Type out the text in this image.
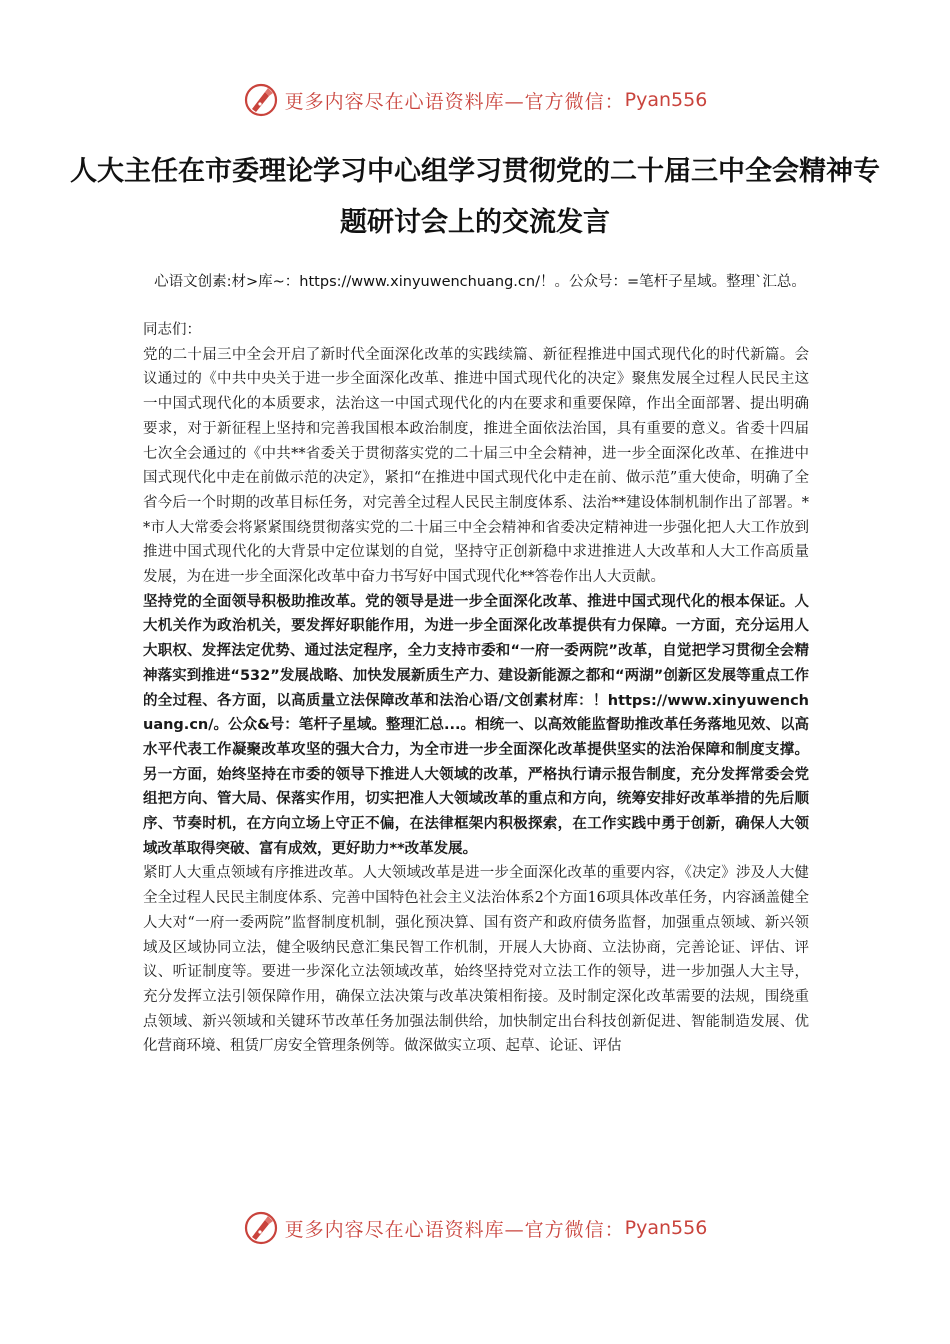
更多内容尽在心语资料库—官方微信： Pyan556
人大主任在市委理论学习中心组学习贯彻党的二十届三中全会精神专题研讨会上的交流发言
心语文创素:材>库~：https://www.xinyuwenchuang.cn/！。公众号：=笔杆子星域。整理`汇总。

同志们：

党的二十届三中全会开启了新时代全面深化改革的实践续篇、新征程推进中国式现代化的时代新篇。会议通过的《中共中央关于进一步全面深化改革、推进中国式现代化的决定》聚焦发展全过程人民民主这一中国式现代化的本质要求，法治这一中国式现代化的内在要求和重要保障，作出全面部署、提出明确要求，对于新征程上坚持和完善我国根本政治制度，推进全面依法治国，具有重要的意义。省委十四届七次全会通过的《中共**省委关于贯彻落实党的二十届三中全会精神，进一步全面深化改革、在推进中国式现代化中走在前做示范的决定》，紧扣“在推进中国式现代化中走在前、做示范”重大使命，明确了全省今后一个时期的改革目标任务，对完善全过程人民民主制度体系、法治**建设体制机制作出了部署。**市人大常委会将紧紧围绕贯彻落实党的二十届三中全会精神和省委决定精神进一步强化把人大工作放到推进中国式现代化的大背景中定位谋划的自觉，坚持守正创新稳中求进推进人大改革和人大工作高质量发展，为在进一步全面深化改革中奋力书写好中国式现代化**答卷作出人大贡献。

坚持党的全面领导积极助推改革。党的领导是进一步全面深化改革、推进中国式现代化的根本保证。人大机关作为政治机关，要发挥好职能作用，为进一步全面深化改革提供有力保障。一方面，充分运用人大职权、发挥法定优势、通过法定程序，全力支持市委和“一府一委两院”改革，自觉把学习贯彻全会精神落实到推进“532”发展战略、加快发展新质生产力、建设新能源之都和“两湖”创新区发展等重点工作的全过程、各方面，以高质量立法保障改革和法治心语/文创素材库：！https://www.xinyuwenchuang.cn/。公众&号：笔杆子星域。整理汇总...。相统一、以高效能监督助推改革任务落地见效、以高水平代表工作凝聚改革攻坚的强大合力，为全市进一步全面深化改革提供坚实的法治保障和制度支撑。另一方面，始终坚持在市委的领导下推进人大领域的改革，严格执行请示报告制度，充分发挥常委会党组把方向、管大局、保落实作用，切实把准人大领域改革的重点和方向，统筹安排好改革举措的先后顺序、节奏时机，在方向立场上守正不偏，在法律框架内积极探索，在工作实践中勇于创新，确保人大领域改革取得突破、富有成效，更好助力**改革发展。

紧盯人大重点领域有序推进改革。人大领域改革是进一步全面深化改革的重要内容，《决定》涉及人大健全全过程人民民主制度体系、完善中国特色社会主义法治体系2个方面16项具体改革任务，内容涵盖健全人大对“一府一委两院”监督制度机制，强化预决算、国有资产和政府债务监督，加强重点领域、新兴领域及区域协同立法，健全吸纳民意汇集民智工作机制，开展人大协商、立法协商，完善论证、评估、评议、听证制度等。要进一步深化立法领域改革，始终坚持党对立法工作的领导，进一步加强人大主导，充分发挥立法引领保障作用，确保立法决策与改革决策相衔接。及时制定深化改革需要的法规，围绕重点领域、新兴领域和关键环节改革任务加强法制供给，加快制定出台科技创新促进、智能制造发展、优化营商环境、租赁厂房安全管理条例等。做深做实立项、起草、论证、评估

更多内容尽在心语资料库—官方微信： Pyan556
